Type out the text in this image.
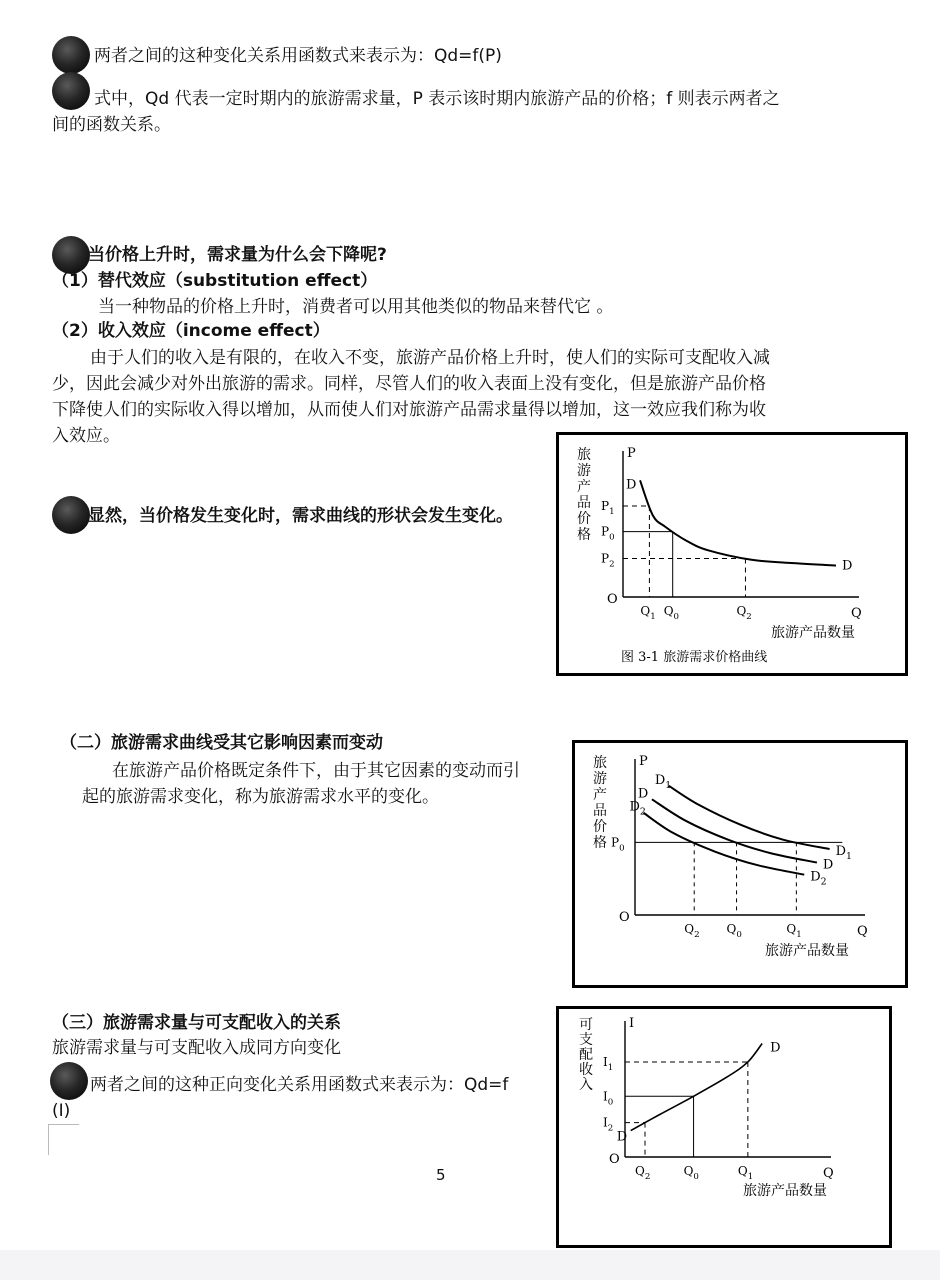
两者之间的这种变化关系用函数式来表示为：Qd=f(P)
式中，Qd 代表一定时期内的旅游需求量，P 表示该时期内旅游产品的价格；f 则表示两者之
间的函数关系。
当价格上升时，需求量为什么会下降呢?
（1）替代效应（substitution effect）
当一种物品的价格上升时，消费者可以用其他类似的物品来替代它 。
（2）收入效应（income effect）
由于人们的收入是有限的，在收入不变，旅游产品价格上升时，使人们的实际可支配收入减
少，因此会减少对外出旅游的需求。同样，尽管人们的收入表面上没有变化，但是旅游产品价格
下降使人们的实际收入得以增加，从而使人们对旅游产品需求量得以增加，这一效应我们称为收
入效应。
显然，当价格发生变化时，需求曲线的形状会发生变化。
P
Q
O
旅
游
产
品
价
格
旅游产品数量
图 3-1 旅游需求价格曲线
D
D
$P_1$
$P_0$
$P_2$
$Q_1$ $Q_0$	$Q_2$
（二）旅游需求曲线受其它影响因素而变动
在旅游产品价格既定条件下，由于其它因素的变动而引
起的旅游需求变化，称为旅游需求水平的变化。
P
Q
O
旅
游
产
品
价
格
旅游产品数量
$P_0$
$D_1$
$D_1$
D
D
$D_2$
$D_2$
$Q_2$ $Q_0$	$Q_1$
（三）旅游需求量与可支配收入的关系
旅游需求量与可支配收入成同方向变化
两者之间的这种正向变化关系用函数式来表示为：Qd=f
(I)
5
I
Q
O
可
支
配
收
入
旅游产品数量
D
D
$I_1$
$I_0$
$I_2$
$Q_2$	$Q_0$	$Q_1$
